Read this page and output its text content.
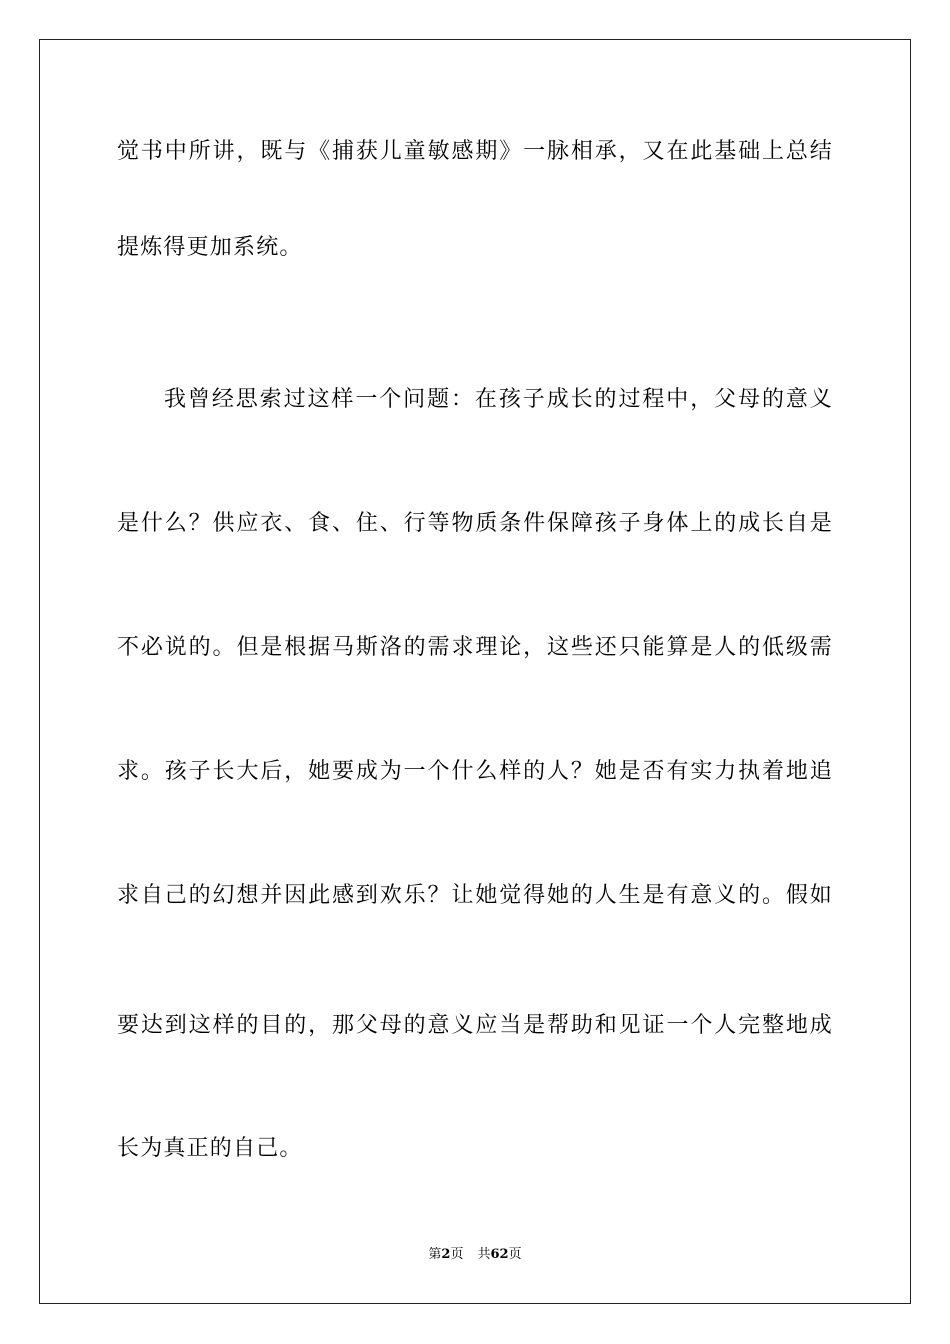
觉书中所讲，既与《捕获儿童敏感期》一脉相承，又在此基础上总结
提炼得更加系统。
我曾经思索过这样一个问题：在孩子成长的过程中，父母的意义
是什么？供应衣、食、住、行等物质条件保障孩子身体上的成长自是
不必说的。但是根据马斯洛的需求理论，这些还只能算是人的低级需
求。孩子长大后，她要成为一个什么样的人？她是否有实力执着地追
求自己的幻想并因此感到欢乐？让她觉得她的人生是有意义的。假如
要达到这样的目的，那父母的意义应当是帮助和见证一个人完整地成
长为真正的自己。
第2页 共62页
